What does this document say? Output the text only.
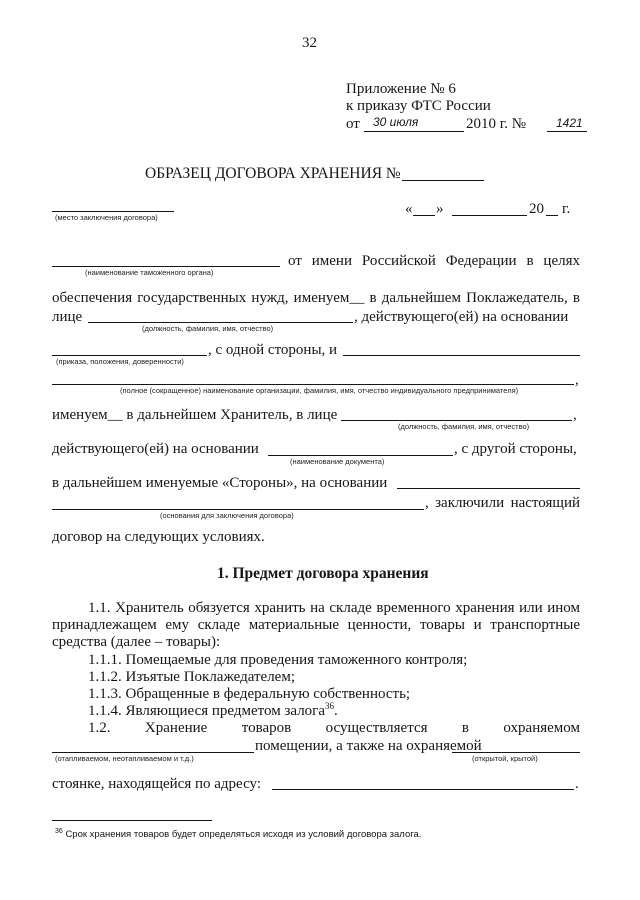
32
Приложение № 6
к приказу ФТС России
от 30 июля	2010 г. № 1421
ОБРАЗЕЦ ДОГОВОРА ХРАНЕНИЯ №
(место заключения договора)
« »	20 г.
(наименование таможенного органа)
от имени Российской Федерации в целях
обеспечения государственных нужд, именуем__ в дальнейшем Поклажедатель, в
лице
(должность, фамилия, имя, отчество)
, действующего(ей) на основании
(приказа, положения, доверенности)
, с одной стороны, и
,
(полное (сокращенное) наименование организации, фамилия, имя, отчество индивидуального предпринимателя)
именуем__ в дальнейшем Хранитель, в лице	,
(должность, фамилия, имя, отчество)
действующего(ей) на основании
(наименование документа)
, с другой стороны,
в дальнейшем именуемые «Стороны», на основании
(основания для заключения договора)
, заключили настоящий
договор на следующих условиях.
1. Предмет договора хранения
1.1. Хранитель обязуется хранить на складе временного хранения или ином
принадлежащем ему складе материальные ценности, товары и транспортные
средства (далее – товары):
1.1.1. Помещаемые для проведения таможенного контроля;
1.1.2. Изъятые Поклажедателем;
1.1.3. Обращенные в федеральную собственность;
1.1.4. Являющиеся предметом залога$^{36}$.
1.2. Хранение товаров осуществляется в охраняемом
(отапливаемом, неотапливаемом и т.д.)
помещении, а также на охраняемой
(открытой, крытой)
стоянке, находящейся по адресу:	.
$^{36}$ Срок хранения товаров будет определяться исходя из условий договора залога.
